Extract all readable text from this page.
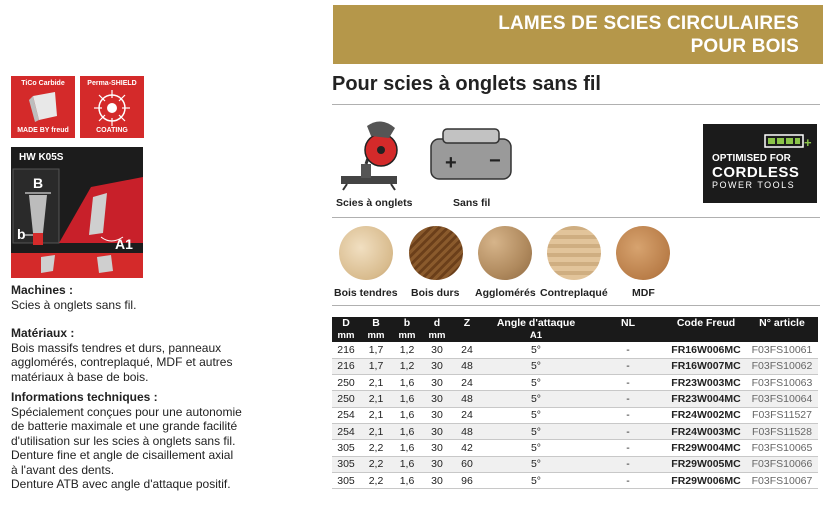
LAMES DE SCIES CIRCULAIRES
POUR BOIS
Pour scies à onglets sans fil
TiCo Carbide
MADE BY freud
Perma-SHIELD
COATING
HW K05S
B
b
A1
Machines :
Scies à onglets sans fil.
Matériaux :
Bois massifs tendres et durs, panneaux
agglomérés, contreplaqué, MDF et autres
matériaux à base de bois.
Informations techniques :
Spécialement conçues pour une autonomie
de batterie maximale et une grande facilité
d'utilisation sur les scies à onglets sans fil.
Denture fine et angle de cisaillement axial
à l'avant des dents.
Denture ATB avec angle d'attaque positif.
Scies à onglets
+ −
Sans fil
+
OPTIMISED FOR
CORDLESS
POWER TOOLS
Bois tendres Bois durs Agglomérés Contreplaqué MDF
D	B	b	d	Z	Angle d'attaque	NL	Code Freud	N° article
mm	mm	mm	mm		A1			
216	1,7	1,2	30	24	5°	-	FR16W006MC	F03FS10061
216	1,7	1,2	30	48	5°	-	FR16W007MC	F03FS10062
250	2,1	1,6	30	24	5°	-	FR23W003MC	F03FS10063
250	2,1	1,6	30	48	5°	-	FR23W004MC	F03FS10064
254	2,1	1,6	30	24	5°	-	FR24W002MC	F03FS11527
254	2,1	1,6	30	48	5°	-	FR24W003MC	F03FS11528
305	2,2	1,6	30	42	5°	-	FR29W004MC	F03FS10065
305	2,2	1,6	30	60	5°	-	FR29W005MC	F03FS10066
305	2,2	1,6	30	96	5°	-	FR29W006MC	F03FS10067
